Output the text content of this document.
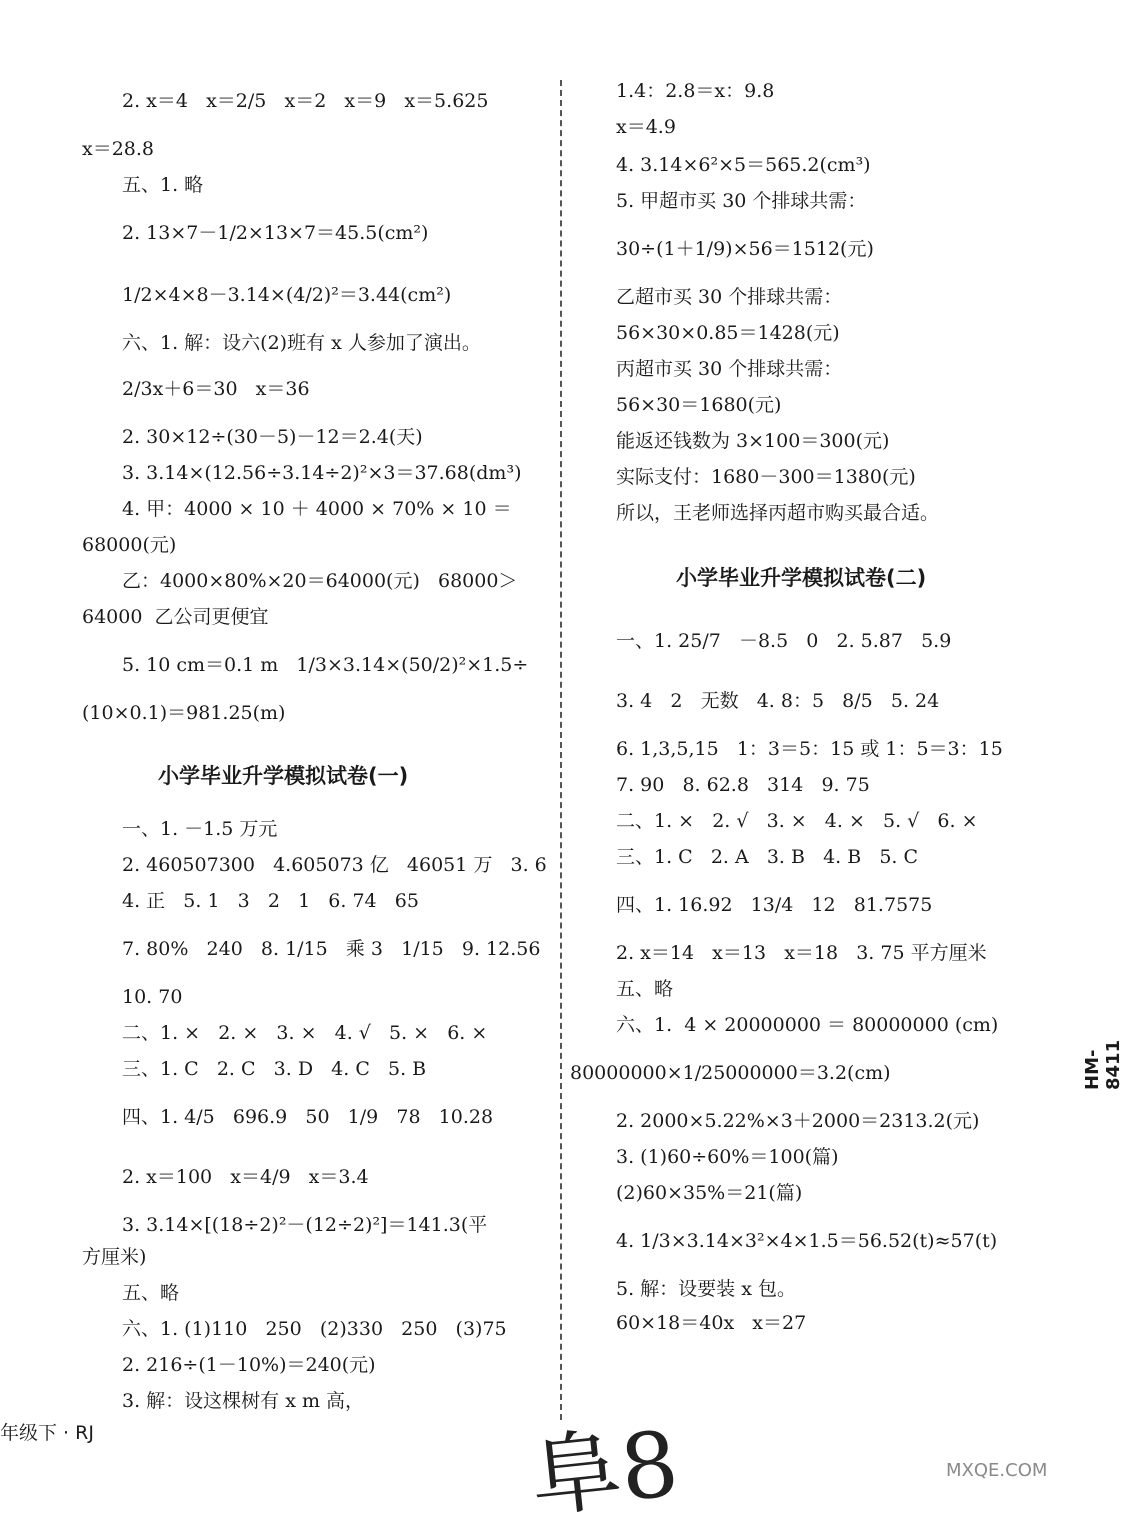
2. x＝4   x＝2/5   x＝2   x＝9   x＝5.625
x＝28.8
五、1. 略
2. 13×7－1/2×13×7＝45.5(cm²)
1/2×4×8－3.14×(4/2)²＝3.44(cm²)
六、1. 解：设六(2)班有 x 人参加了演出。
2/3x＋6＝30   x＝36
2. 30×12÷(30－5)－12＝2.4(天)
3. 3.14×(12.56÷3.14÷2)²×3＝37.68(dm³)
4. 甲：4000 × 10 ＋ 4000 × 70% × 10 ＝
68000(元)
乙：4000×80%×20＝64000(元)   68000＞
64000  乙公司更便宜
5. 10 cm＝0.1 m   1/3×3.14×(50/2)²×1.5÷
(10×0.1)＝981.25(m)
一、1. －1.5 万元
2. 460507300   4.605073 亿   46051 万   3. 6
4. 正   5. 1   3   2   1   6. 74   65
7. 80%   240   8. 1/15   乘 3   1/15   9. 12.56
10. 70
二、1. ×   2. ×   3. ×   4. √   5. ×   6. ×
三、1. C   2. C   3. D   4. C   5. B
四、1. 4/5   696.9   50   1/9   78   10.28
2. x＝100   x＝4/9   x＝3.4
3. 3.14×[(18÷2)²－(12÷2)²]＝141.3(平
方厘米)
五、略
六、1. (1)110   250   (2)330   250   (3)75
2. 216÷(1－10%)＝240(元)
3. 解：设这棵树有 x m 高，
1.4：2.8＝x：9.8
x＝4.9
4. 3.14×6²×5＝565.2(cm³)
5. 甲超市买 30 个排球共需：
30÷(1＋1/9)×56＝1512(元)
乙超市买 30 个排球共需：
56×30×0.85＝1428(元)
丙超市买 30 个排球共需：
56×30＝1680(元)
能返还钱数为 3×100＝300(元)
实际支付：1680－300＝1380(元)
所以，王老师选择丙超市购买最合适。
一、1. 25/7   －8.5   0   2. 5.87   5.9
3. 4   2   无数   4. 8：5   8/5   5. 24
6. 1,3,5,15   1：3＝5：15 或 1：5＝3：15
7. 90   8. 62.8   314   9. 75
二、1. ×   2. √   3. ×   4. ×   5. √   6. ×
三、1. C   2. A   3. B   4. B   5. C
四、1. 16.92   13/4   12   81.7575
2. x＝14   x＝13   x＝18   3. 75 平方厘米
五、略
六、1.  4 × 20000000 ＝ 80000000 (cm)
80000000×1/25000000＝3.2(cm)
2. 2000×5.22%×3＋2000＝2313.2(元)
3. (1)60÷60%＝100(篇)
(2)60×35%＝21(篇)
4. 1/3×3.14×3²×4×1.5＝56.52(t)≈57(t)
5. 解：设要装 x 包。
60×18＝40x   x＝27
小学毕业升学模拟试卷(一)
小学毕业升学模拟试卷(二)
HM-8411
年级下 · RJ	阜8	MXQE.COM
